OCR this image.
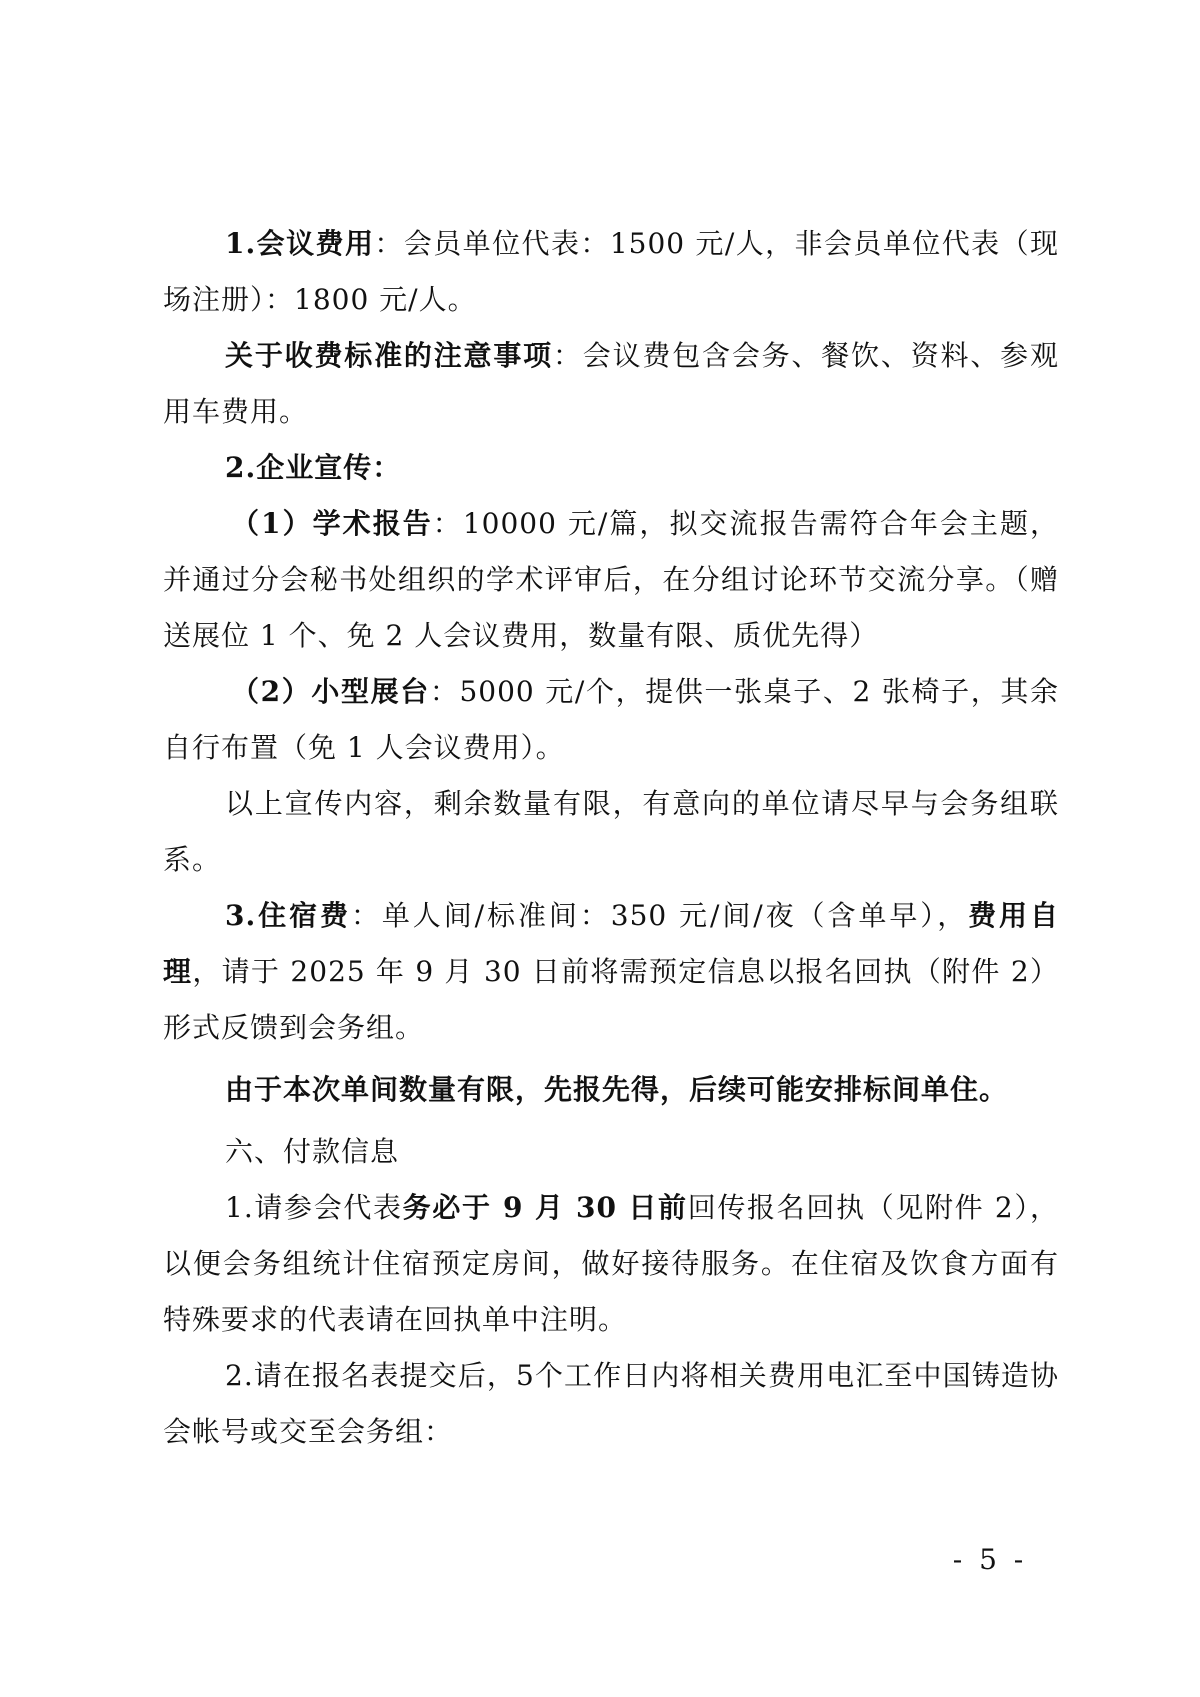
1.会议费用：会员单位代表：1500 元/人，非会员单位代表（现场注册）：1800 元/人。

关于收费标准的注意事项：会议费包含会务、餐饮、资料、参观用车费用。

2.企业宣传：

（1）学术报告：10000 元/篇，拟交流报告需符合年会主题，并通过分会秘书处组织的学术评审后，在分组讨论环节交流分享。（赠送展位 1 个、免 2 人会议费用，数量有限、质优先得）

（2）小型展台：5000 元/个，提供一张桌子、2 张椅子，其余自行布置（免 1 人会议费用）。

以上宣传内容，剩余数量有限，有意向的单位请尽早与会务组联系。

3.住宿费：单人间/标准间：350 元/间/夜（含单早），费用自理，请于 2025 年 9 月 30 日前将需预定信息以报名回执（附件 2）形式反馈到会务组。

由于本次单间数量有限，先报先得，后续可能安排标间单住。

六、付款信息

1.请参会代表务必于 9 月 30 日前回传报名回执（见附件 2），以便会务组统计住宿预定房间，做好接待服务。在住宿及饮食方面有特殊要求的代表请在回执单中注明。

2.请在报名表提交后，5个工作日内将相关费用电汇至中国铸造协会帐号或交至会务组：

- 5 -
